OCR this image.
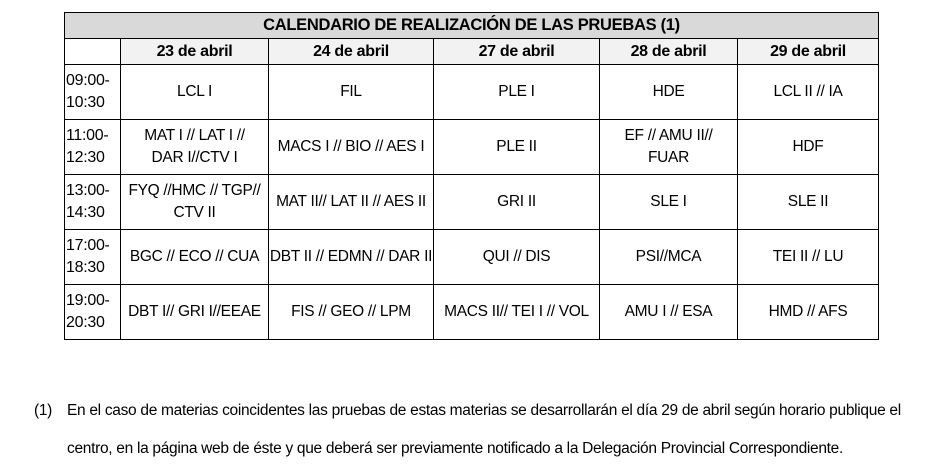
CALENDARIO DE REALIZACIÓN DE LAS PRUEBAS (1)					
	23 de abril	24 de abril	27 de abril	28 de abril	29 de abril

09:00-
10:30	LCL I	FIL	PLE I	HDE	LCL II // IA

11:00-
12:30	MAT I // LAT I //
DAR I//CTV I	MACS I // BIO // AES I	PLE II	EF // AMU II//
FUAR	HDF

13:00-
14:30	FYQ //HMC // TGP//
CTV II	MAT II// LAT II // AES II	GRI II	SLE I	SLE II

17:00-
18:30	BGC // ECO // CUA	DBT II // EDMN // DAR II	QUI // DIS	PSI//MCA	TEI II // LU

19:00-
20:30	DBT I// GRI I//EEAE	FIS // GEO // LPM	MACS II// TEI I // VOL	AMU I // ESA	HMD // AFS
(1) En el caso de materias coincidentes las pruebas de estas materias se desarrollarán el día 29 de abril según horario publique el centro, en la página web de éste y que deberá ser previamente notificado a la Delegación Provincial Correspondiente.
